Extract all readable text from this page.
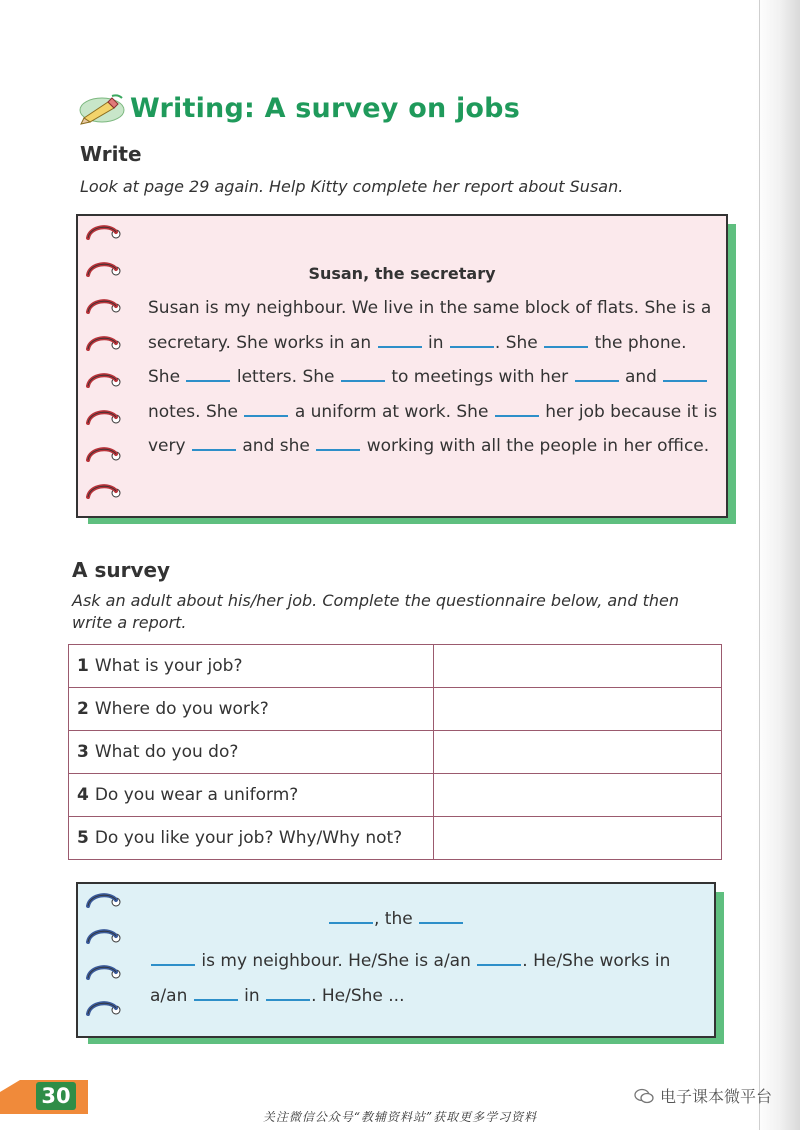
Writing: A survey on jobs
Write
Look at page 29 again. Help Kitty complete her report about Susan.
Susan, the secretary
Susan is my neighbour. We live in the same block of flats. She is a
secretary. She works in an	in	. She	the phone.
She	letters. She	to meetings with her	and
notes. She	a uniform at work. She	her job because it is
very	and she	working with all the people in her office.
A survey
Ask an adult about his/her job. Complete the questionnaire below, and then
write a report.
1 What is your job?	
2 Where do you work?	
3 What do you do?	
4 Do you wear a uniform?	
5 Do you like your job? Why/Why not?	
, the
is my neighbour. He/She is a/an	. He/She works in
a/an	in	. He/She ...
30	电子课本微平台
关注微信公众号“教辅资料站”获取更多学习资料
